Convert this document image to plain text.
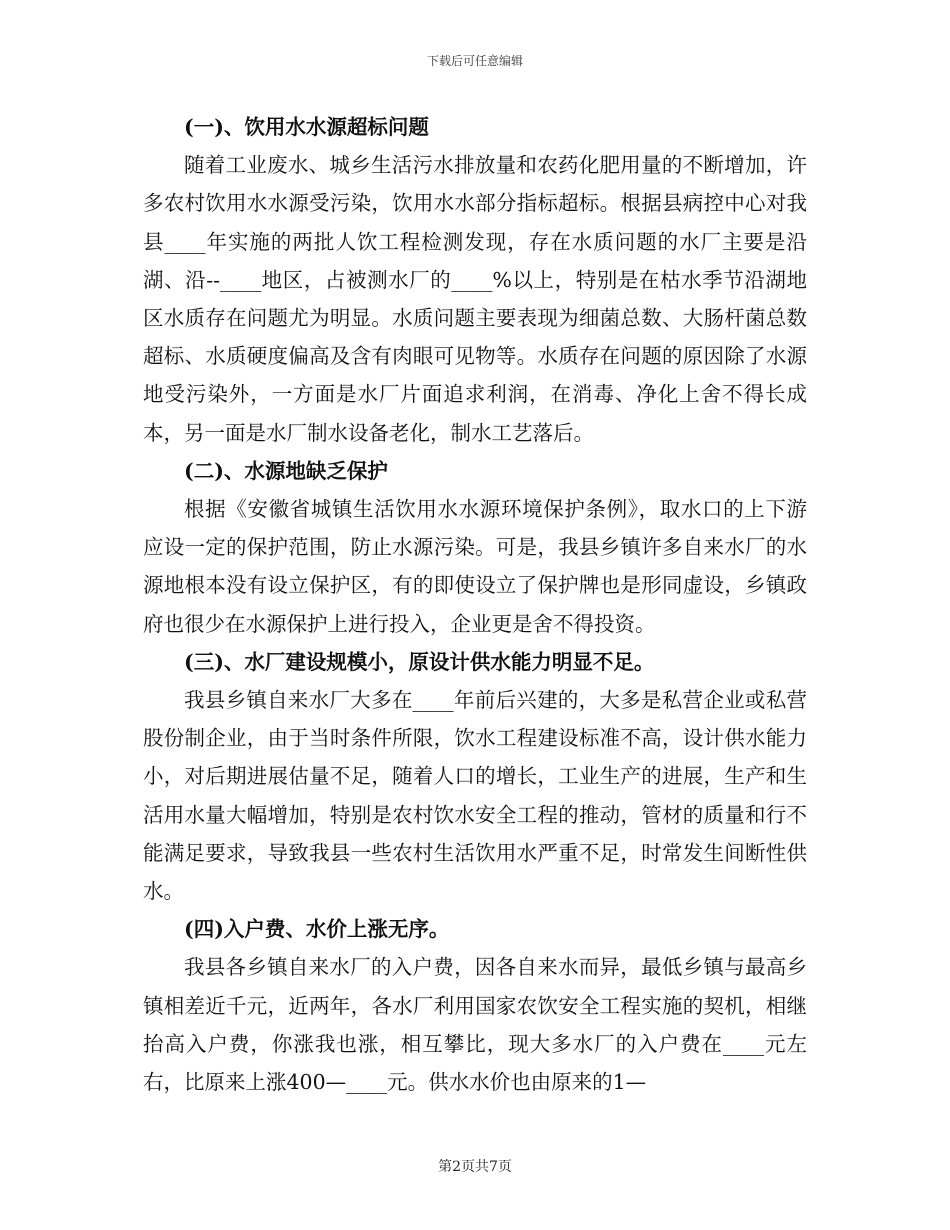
下载后可任意编辑

(一)、饮用水水源超标问题

随着工业废水、城乡生活污水排放量和农药化肥用量的不断增加，许多农村饮用水水源受污染，饮用水水部分指标超标。根据县病控中心对我县____年实施的两批人饮工程检测发现，存在水质问题的水厂主要是沿湖、沿--____地区，占被测水厂的____%以上，特别是在枯水季节沿湖地区水质存在问题尤为明显。水质问题主要表现为细菌总数、大肠杆菌总数超标、水质硬度偏高及含有肉眼可见物等。水质存在问题的原因除了水源地受污染外，一方面是水厂片面追求利润，在消毒、净化上舍不得长成本，另一面是水厂制水设备老化，制水工艺落后。

(二)、水源地缺乏保护

根据《安徽省城镇生活饮用水水源环境保护条例》，取水口的上下游应设一定的保护范围，防止水源污染。可是，我县乡镇许多自来水厂的水源地根本没有设立保护区，有的即使设立了保护牌也是形同虚设，乡镇政府也很少在水源保护上进行投入，企业更是舍不得投资。

(三)、水厂建设规模小，原设计供水能力明显不足。

我县乡镇自来水厂大多在____年前后兴建的，大多是私营企业或私营股份制企业，由于当时条件所限，饮水工程建设标准不高，设计供水能力小，对后期进展估量不足，随着人口的增长，工业生产的进展，生产和生活用水量大幅增加，特别是农村饮水安全工程的推动，管材的质量和行不能满足要求，导致我县一些农村生活饮用水严重不足，时常发生间断性供水。

(四)入户费、水价上涨无序。

我县各乡镇自来水厂的入户费，因各自来水而异，最低乡镇与最高乡镇相差近千元，近两年，各水厂利用国家农饮安全工程实施的契机，相继抬高入户费，你涨我也涨，相互攀比，现大多水厂的入户费在____元左右，比原来上涨400—____元。供水水价也由原来的1—

第2页共7页
